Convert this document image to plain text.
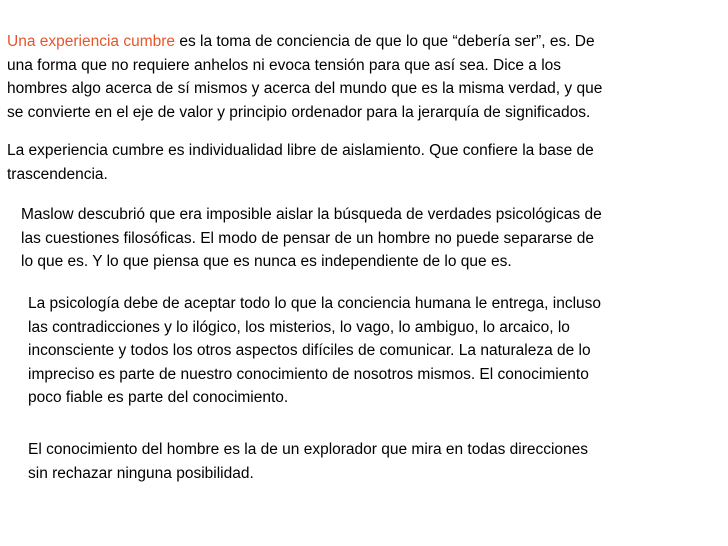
Una experiencia cumbre es la toma de conciencia de que lo que “debería ser”, es. De
una forma que no requiere anhelos ni evoca tensión para que así sea. Dice a los
hombres algo acerca de sí mismos y acerca del mundo que es la misma verdad, y que
se convierte en el eje de valor y principio ordenador para la jerarquía de significados.
La experiencia cumbre es individualidad libre de aislamiento. Que confiere la base de
trascendencia.
Maslow descubrió que era imposible aislar la búsqueda de verdades psicológicas de
las cuestiones filosóficas. El modo de pensar de un hombre no puede separarse de
lo que es. Y lo que piensa que es nunca es independiente de lo que es.
La psicología debe de aceptar todo lo que la conciencia humana le entrega, incluso
las contradicciones y lo ilógico, los misterios, lo vago, lo ambiguo, lo arcaico, lo
inconsciente y todos los otros aspectos difíciles de comunicar. La naturaleza de lo
impreciso es parte de nuestro conocimiento de nosotros mismos. El conocimiento
poco fiable es parte del conocimiento.
El conocimiento del hombre es la de un explorador que mira en todas direcciones
sin rechazar ninguna posibilidad.
